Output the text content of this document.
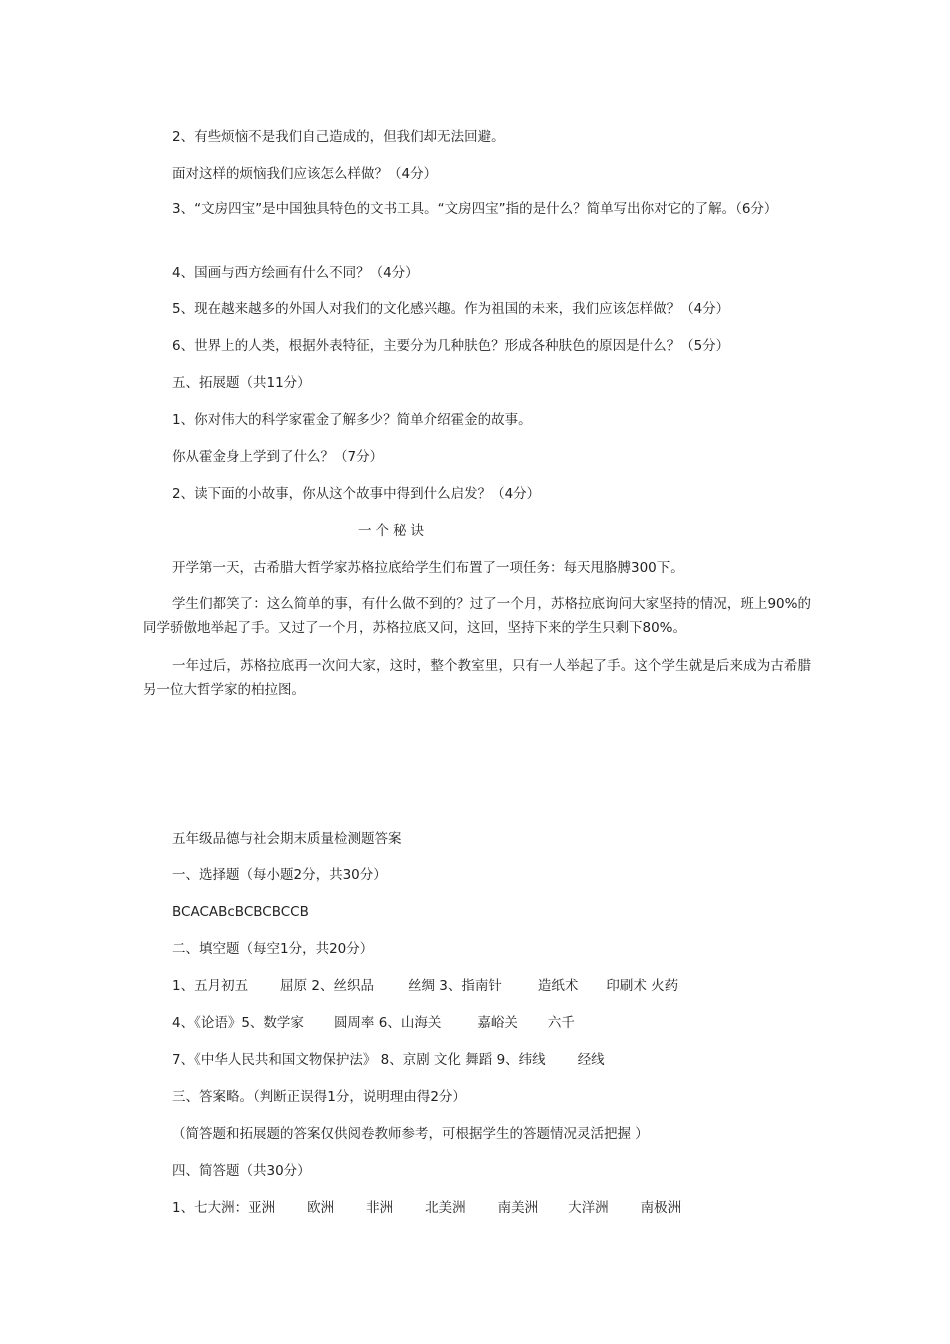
2、有些烦恼不是我们自己造成的，但我们却无法回避。
面对这样的烦恼我们应该怎么样做？（4分）
3、“文房四宝”是中国独具特色的文书工具。“文房四宝”指的是什么？简单写出你对它的了解。（6分）
4、国画与西方绘画有什么不同？（4分）
5、现在越来越多的外国人对我们的文化感兴趣。作为祖国的未来，我们应该怎样做？（4分）
6、世界上的人类，根据外表特征，主要分为几种肤色？形成各种肤色的原因是什么？（5分）
五、拓展题（共11分）
1、你对伟大的科学家霍金了解多少？简单介绍霍金的故事。
你从霍金身上学到了什么？（7分）
2、读下面的小故事，你从这个故事中得到什么启发？（4分）
一个秘诀
开学第一天，古希腊大哲学家苏格拉底给学生们布置了一项任务：每天甩胳膊300下。
学生们都笑了：这么简单的事，有什么做不到的？过了一个月，苏格拉底询问大家坚持的情况，班上90%的同学骄傲地举起了手。又过了一个月，苏格拉底又问，这回，坚持下来的学生只剩下80%。
一年过后，苏格拉底再一次问大家，这时，整个教室里，只有一人举起了手。这个学生就是后来成为古希腊另一位大哲学家的柏拉图。
五年级品德与社会期末质量检测题答案
一、选择题（每小题2分，共30分）
BCACABcBCBCBCCB
二、填空题（每空1分，共20分）
1、五月初五 屈原 2、丝织品	丝绸 3、指南针	造纸术 印刷术 火药
4、《论语》5、数学家 圆周率 6、山海关	嘉峪关 六千
7、《中华人民共和国文物保护法》 8、京剧 文化 舞蹈 9、纬线 经线
三、答案略。（判断正误得1分，说明理由得2分）
（简答题和拓展题的答案仅供阅卷教师参考，可根据学生的答题情况灵活把握 ）
四、简答题（共30分）
1、七大洲：亚洲 欧洲 非洲 北美洲 南美洲 大洋洲 南极洲
